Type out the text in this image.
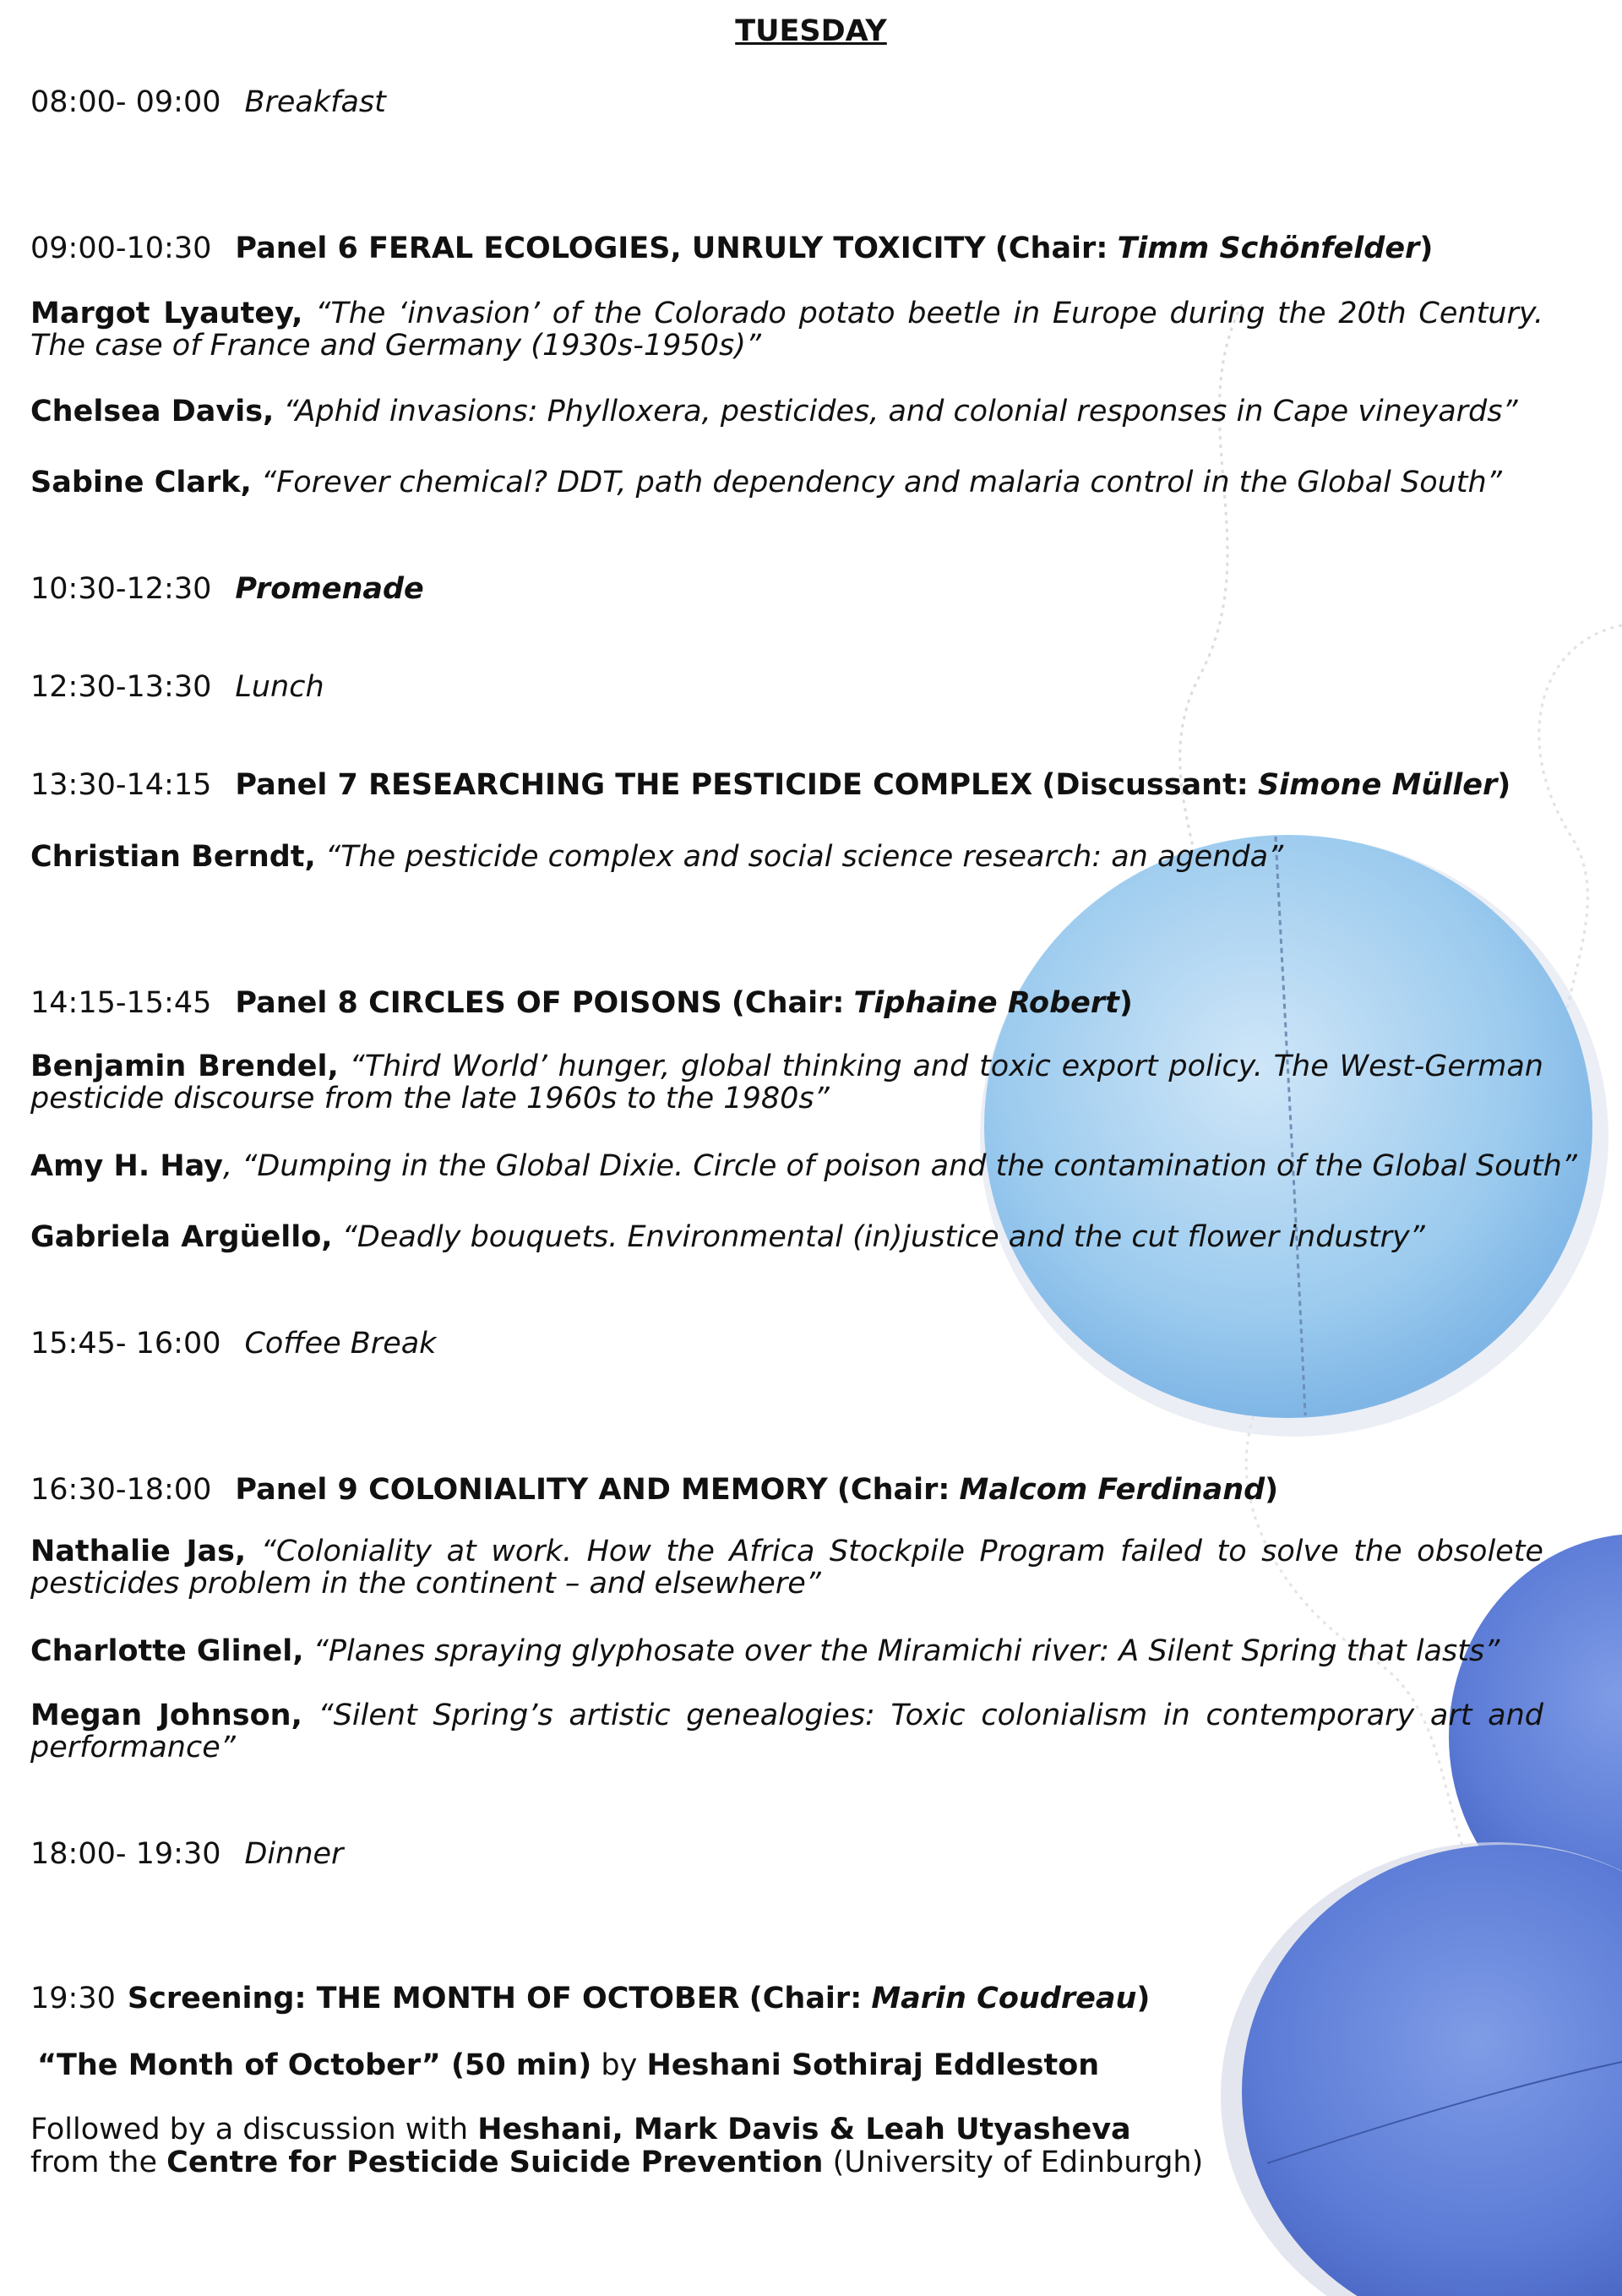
TUESDAY
08:00- 09:00 Breakfast
09:00-10:30 Panel 6 FERAL ECOLOGIES, UNRULY TOXICITY (Chair: Timm Schönfelder)
Margot Lyautey, “The ‘invasion’ of the Colorado potato beetle in Europe during the 20th Century. The case of France and Germany (1930s-1950s)”
Chelsea Davis, “Aphid invasions: Phylloxera, pesticides, and colonial responses in Cape vineyards”
Sabine Clark, “Forever chemical? DDT, path dependency and malaria control in the Global South”
10:30-12:30 Promenade
12:30-13:30 Lunch
13:30-14:15 Panel 7 RESEARCHING THE PESTICIDE COMPLEX (Discussant: Simone Müller)
Christian Berndt, “The pesticide complex and social science research: an agenda”
14:15-15:45 Panel 8 CIRCLES OF POISONS (Chair: Tiphaine Robert)
Benjamin Brendel, “Third World’ hunger, global thinking and toxic export policy. The West-German pesticide discourse from the late 1960s to the 1980s”
Amy H. Hay, “Dumping in the Global Dixie. Circle of poison and the contamination of the Global South”
Gabriela Argüello, “Deadly bouquets. Environmental (in)justice and the cut flower industry”
15:45- 16:00 Coffee Break
16:30-18:00 Panel 9 COLONIALITY AND MEMORY (Chair: Malcom Ferdinand)
Nathalie Jas, “Coloniality at work. How the Africa Stockpile Program failed to solve the obsolete pesticides problem in the continent – and elsewhere”
Charlotte Glinel, “Planes spraying glyphosate over the Miramichi river: A Silent Spring that lasts”
Megan Johnson, “Silent Spring’s artistic genealogies: Toxic colonialism in contemporary art and performance”
18:00- 19:30 Dinner
19:30 Screening: THE MONTH OF OCTOBER (Chair: Marin Coudreau)
“The Month of October” (50 min) by Heshani Sothiraj Eddleston
Followed by a discussion with Heshani, Mark Davis & Leah Utyasheva
from the Centre for Pesticide Suicide Prevention (University of Edinburgh)
